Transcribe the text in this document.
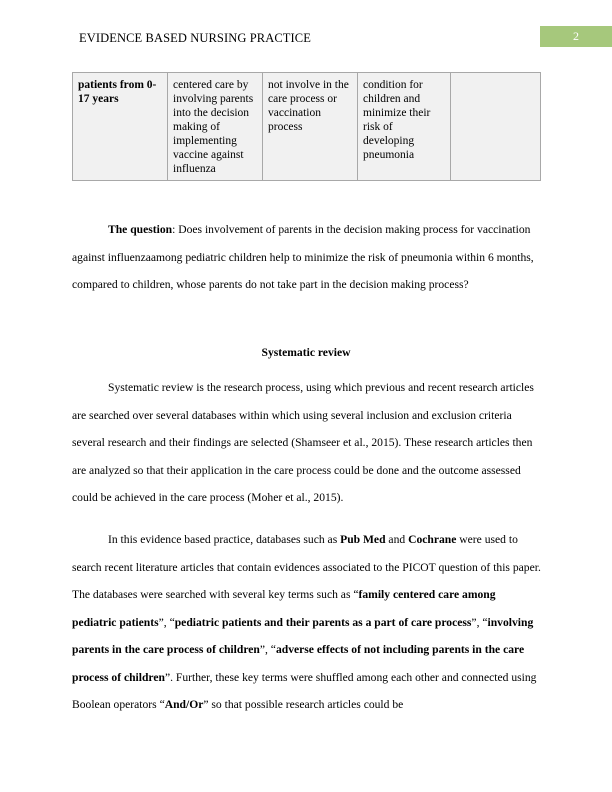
EVIDENCE BASED NURSING PRACTICE	2
patients from 0-17 years	centered care by involving parents into the decision making of implementing vaccine against influenza	not involve in the care process or vaccination process	condition for children and minimize their risk of developing pneumonia	

The question: Does involvement of parents in the decision making process for vaccination against influenzaamong pediatric children help to minimize the risk of pneumonia within 6 months, compared to children, whose parents do not take part in the decision making process?

Systematic review

Systematic review is the research process, using which previous and recent research articles are searched over several databases within which using several inclusion and exclusion criteria several research and their findings are selected (Shamseer et al., 2015). These research articles then are analyzed so that their application in the care process could be done and the outcome assessed could be achieved in the care process (Moher et al., 2015).

In this evidence based practice, databases such as Pub Med and Cochrane were used to search recent literature articles that contain evidences associated to the PICOT question of this paper. The databases were searched with several key terms such as “family centered care among pediatric patients”, “pediatric patients and their parents as a part of care process”, “involving parents in the care process of children”, “adverse effects of not including parents in the care process of children”. Further, these key terms were shuffled among each other and connected using Boolean operators “And/Or” so that possible research articles could be
